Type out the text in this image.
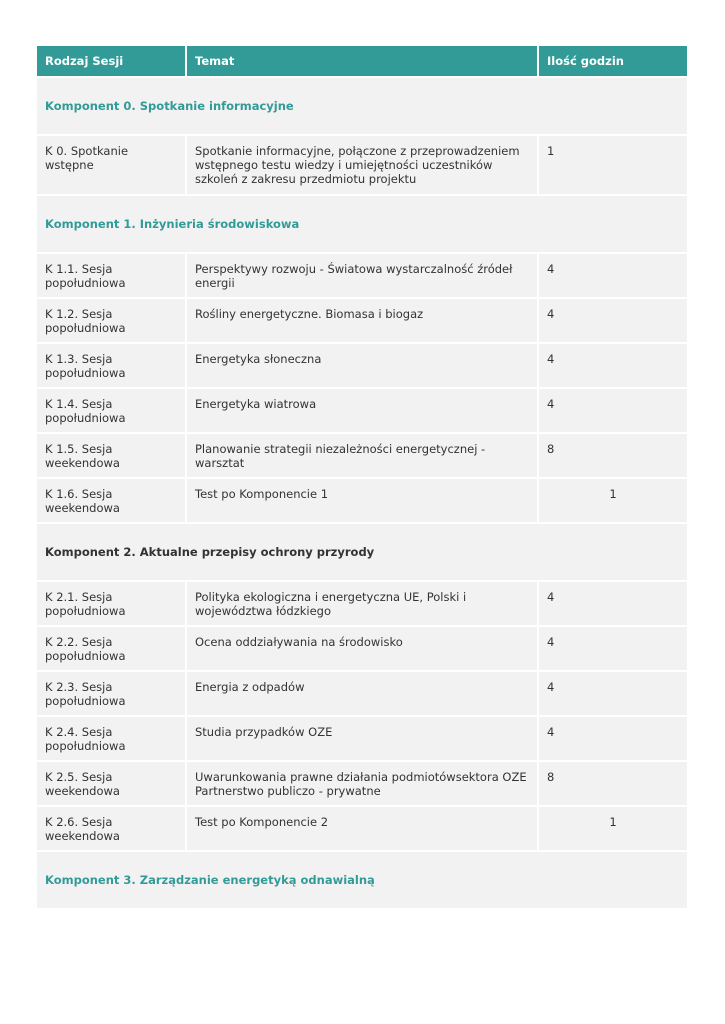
Rodzaj Sesji	Temat	Ilość godzin
Komponent 0. Spotkanie informacyjne		
K 0. Spotkanie wstępne	Spotkanie informacyjne, połączone z przeprowadzeniem wstępnego testu wiedzy i umiejętności uczestników szkoleń z zakresu przedmiotu projektu	1
Komponent 1. Inżynieria środowiskowa		
K 1.1. Sesja popołudniowa	Perspektywy rozwoju - Światowa wystarczalność źródeł energii	4
K 1.2. Sesja popołudniowa	Rośliny energetyczne. Biomasa i biogaz	4
K 1.3. Sesja popołudniowa	Energetyka słoneczna	4
K 1.4. Sesja popołudniowa	Energetyka wiatrowa	4
K 1.5. Sesja weekendowa	Planowanie strategii niezależności energetycznej - warsztat	8
K 1.6. Sesja weekendowa	Test po Komponencie 1	1
Komponent 2. Aktualne przepisy ochrony przyrody		
K 2.1. Sesja popołudniowa	Polityka ekologiczna i energetyczna UE, Polski i województwa łódzkiego	4
K 2.2. Sesja popołudniowa	Ocena oddziaływania na środowisko	4
K 2.3. Sesja popołudniowa	Energia z odpadów	4
K 2.4. Sesja popołudniowa	Studia przypadków OZE	4
K 2.5. Sesja weekendowa	Uwarunkowania prawne działania podmiotówsektora OZE Partnerstwo publiczo - prywatne	8
K 2.6. Sesja weekendowa	Test po Komponencie 2	1
Komponent 3. Zarządzanie energetyką odnawialną		
